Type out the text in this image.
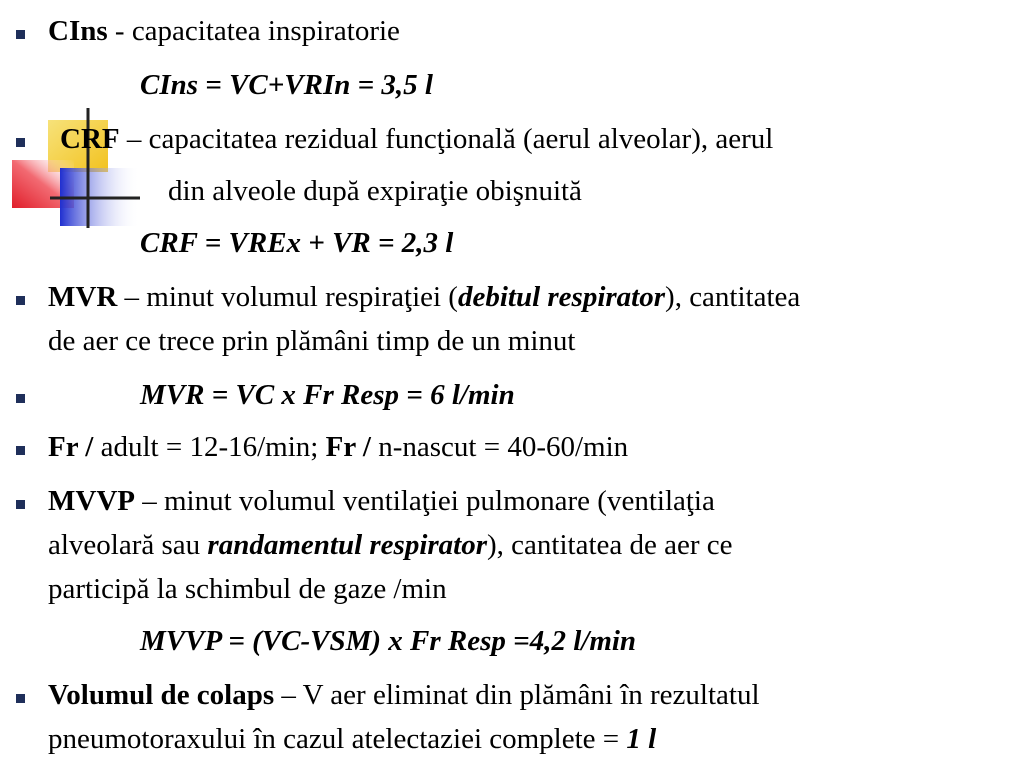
CIns - capacitatea inspiratorie
CIns = VC+VRIn = 3,5 l
CRF – capacitatea rezidual funcţională (aerul alveolar), aerul
din alveole după expiraţie obişnuită
CRF = VREx + VR = 2,3 l
MVR – minut volumul respiraţiei (debitul respirator), cantitatea
de aer ce trece prin plămâni timp de un minut
MVR = VC x Fr Resp = 6 l/min
Fr / adult = 12-16/min; Fr / n-nascut = 40-60/min
MVVP – minut volumul ventilaţiei pulmonare (ventilaţia
alveolară sau randamentul respirator), cantitatea de aer ce
participă la schimbul de gaze /min
MVVP = (VC-VSM) x Fr Resp =4,2 l/min
Volumul de colaps – V aer eliminat din plămâni în rezultatul
pneumotoraxului în cazul atelectaziei complete = 1 l
